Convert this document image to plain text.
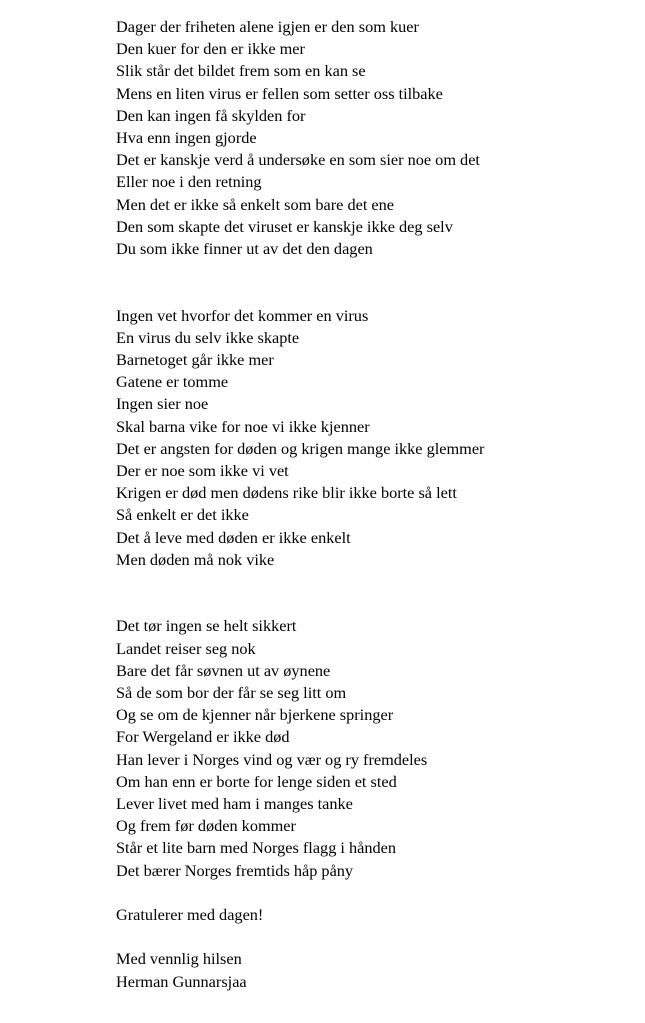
Dager der friheten alene igjen er den som kuer
Den kuer for den er ikke mer
Slik står det bildet frem som en kan se
Mens en liten virus er fellen som setter oss tilbake
Den kan ingen få skylden for
Hva enn ingen gjorde
Det er kanskje verd å undersøke en som sier noe om det
Eller noe i den retning
Men det er ikke så enkelt som bare det ene
Den som skapte det viruset er kanskje ikke deg selv
Du som ikke finner ut av det den dagen
Ingen vet hvorfor det kommer en virus
En virus du selv ikke skapte
Barnetoget går ikke mer
Gatene er tomme
Ingen sier noe
Skal barna vike for noe vi ikke kjenner
Det er angsten for døden og krigen mange ikke glemmer
Der er noe som ikke vi vet
Krigen er død men dødens rike blir ikke borte så lett
Så enkelt er det ikke
Det å leve med døden er ikke enkelt
Men døden må nok vike
Det tør ingen se helt sikkert
Landet reiser seg nok
Bare det får søvnen ut av øynene
Så de som bor der får se seg litt om
Og se om de kjenner når bjerkene springer
For Wergeland er ikke død
Han lever i Norges vind og vær og ry fremdeles
Om han enn er borte for lenge siden et sted
Lever livet med ham i manges tanke
Og frem før døden kommer
Står et lite barn med Norges flagg i hånden
Det bærer Norges fremtids håp påny
Gratulerer med dagen!
Med vennlig hilsen
Herman Gunnarsjaa
